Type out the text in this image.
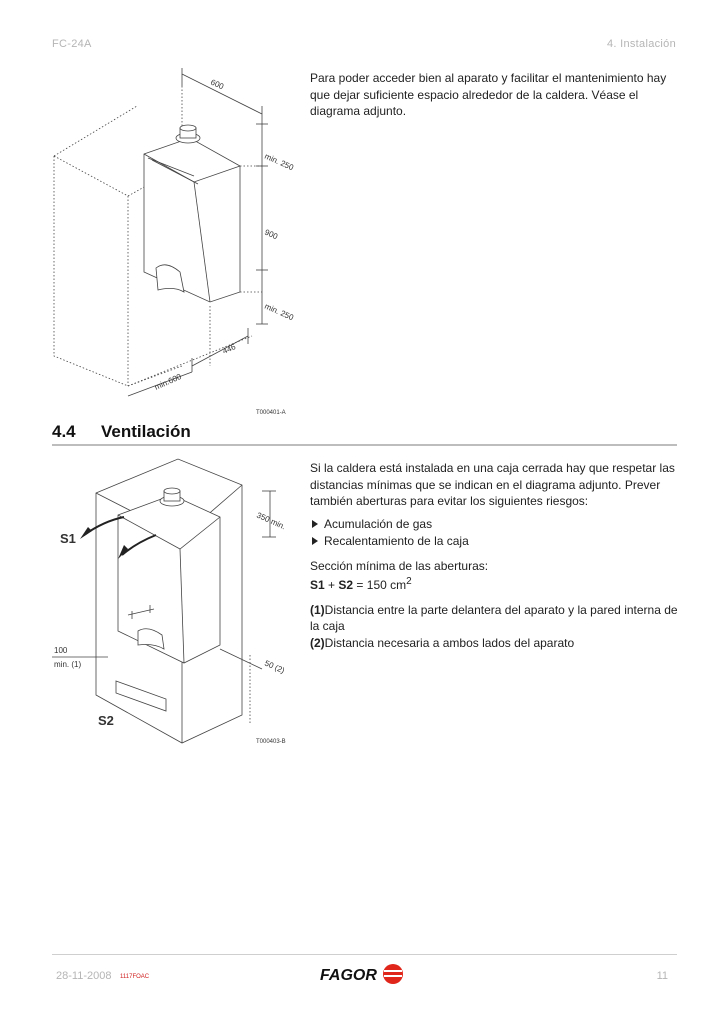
FC-24A	4. Instalación
Para poder acceder bien al aparato y facilitar el mantenimiento hay que dejar suficiente espacio alrededor de la caldera. Véase el diagrama adjunto.
600
min. 250
900
min. 250
446
min.600
T000401-A
4.4 Ventilación
S1
S2
350 min.
50 (2)
100
min. (1)
T000403-B
Si la caldera está instalada en una caja cerrada hay que respetar las distancias mínimas que se indican en el diagrama adjunto. Prever también aberturas para evitar los siguientes riesgos:
Acumulación de gas
Recalentamiento de la caja
Sección mínima de las aberturas:
S1 + S2 = 150 $cm^2$
(1)Distancia entre la parte delantera del aparato y la pared interna de la caja
(2)Distancia necesaria a ambos lados del aparato
28-11-2008 1117FOAC	FAGOR	11
